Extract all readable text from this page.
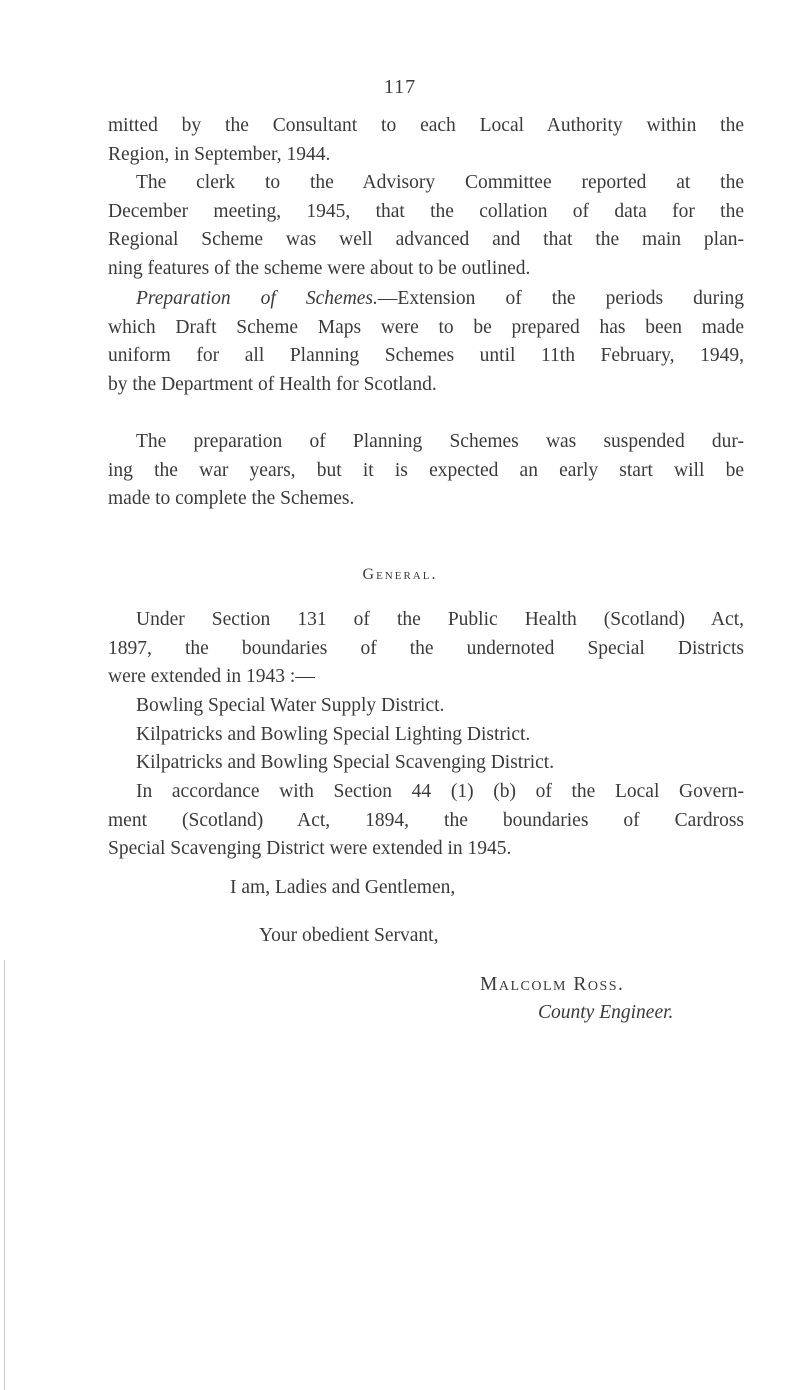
117
mitted by the Consultant to each Local Authority within the
Region, in September, 1944.
The clerk to the Advisory Committee reported at the
December meeting, 1945, that the collation of data for the
Regional Scheme was well advanced and that the main plan-
ning features of the scheme were about to be outlined.
Preparation of Schemes.—Extension of the periods during
which Draft Scheme Maps were to be prepared has been made
uniform for all Planning Schemes until 11th February, 1949,
by the Department of Health for Scotland.
The preparation of Planning Schemes was suspended dur-
ing the war years, but it is expected an early start will be
made to complete the Schemes.
General.
Under Section 131 of the Public Health (Scotland) Act,
1897, the boundaries of the undernoted Special Districts
were extended in 1943 :—
Bowling Special Water Supply District.
Kilpatricks and Bowling Special Lighting District.
Kilpatricks and Bowling Special Scavenging District.
In accordance with Section 44 (1) (b) of the Local Govern-
ment (Scotland) Act, 1894, the boundaries of Cardross
Special Scavenging District were extended in 1945.
I am, Ladies and Gentlemen,
Your obedient Servant,
Malcolm Ross.
County Engineer.
